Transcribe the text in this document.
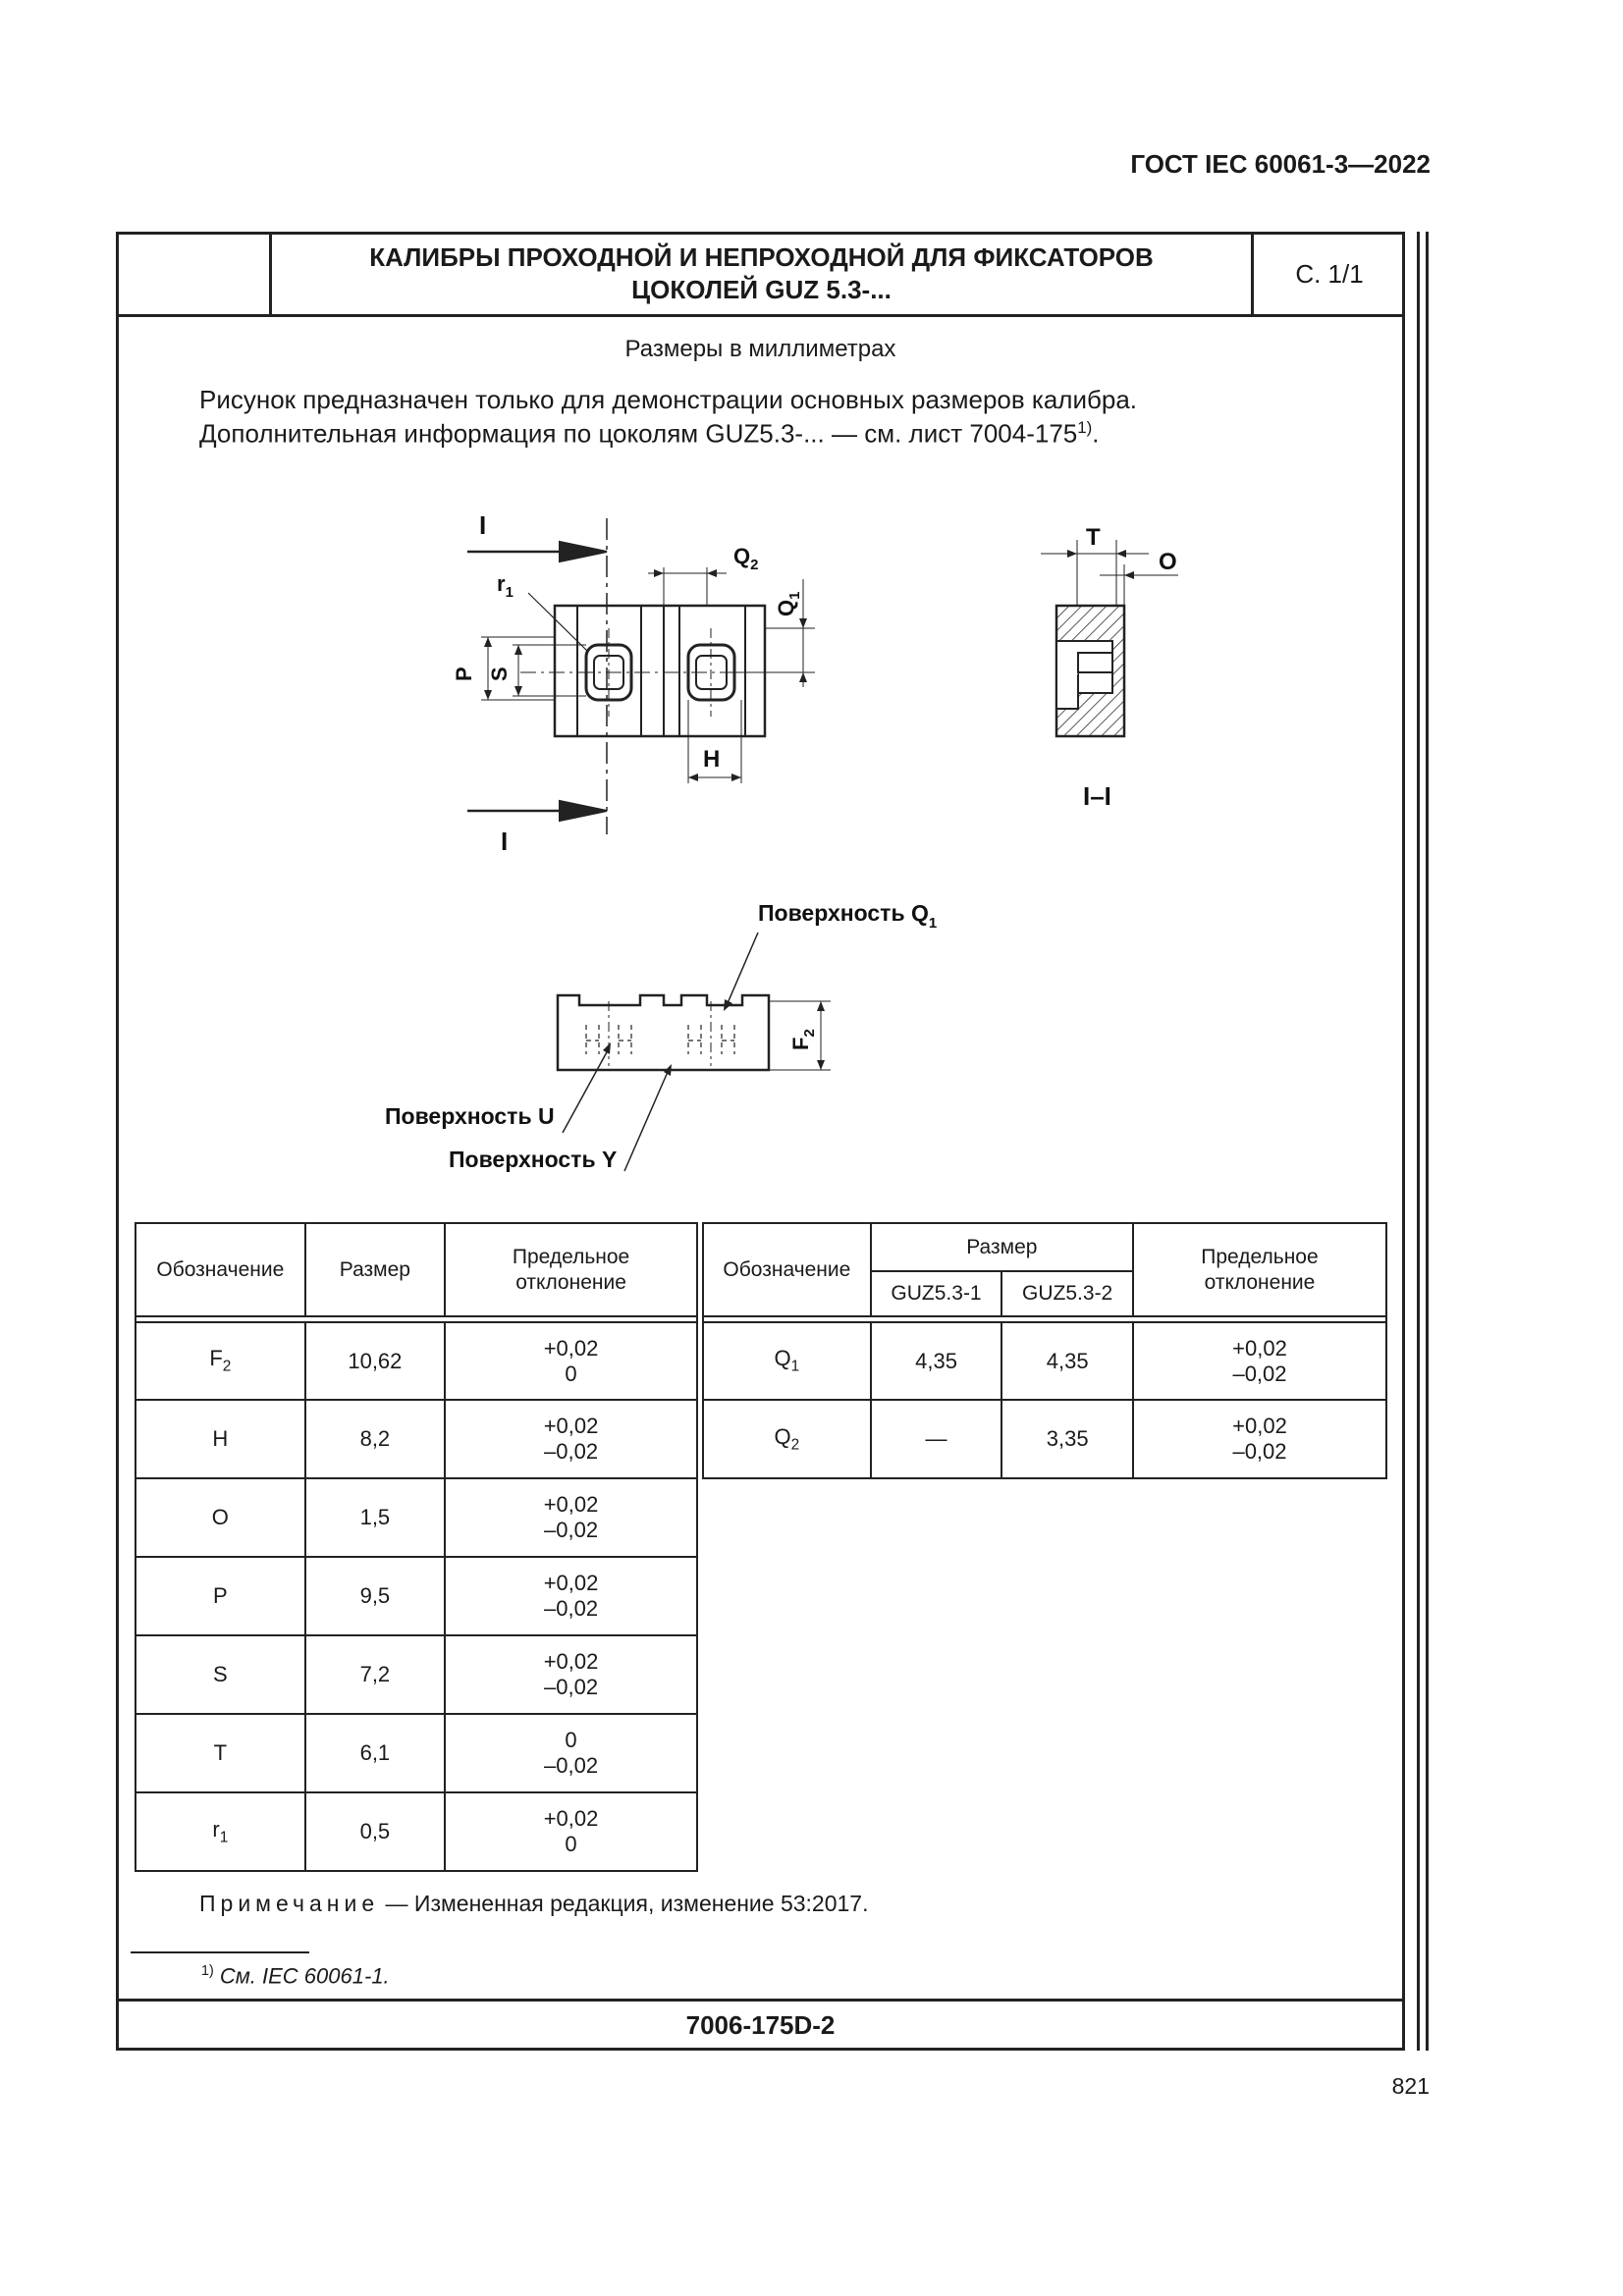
ГОСТ IEC 60061-3—2022
КАЛИБРЫ ПРОХОДНОЙ И НЕПРОХОДНОЙ ДЛЯ ФИКСАТОРОВ
ЦОКОЛЕЙ GUZ 5.3-...
С. 1/1
Размеры в миллиметрах
Рисунок предназначен только для демонстрации основных размеров калибра.
Дополнительная информация по цоколям GUZ5.3-... — см. лист 7004-175$^{1)}$.
I
I
I–I
$r_1$
$Q_2$
$Q_1$
P S
H
T
O
$F_2$
Поверхность $Q_1$
Поверхность U
Поверхность Y
Обозначение	Размер	Предельное
отклонение

$F_2$	10,62	+0,02
0

H	8,2	+0,02
–0,02

O	1,5	+0,02
–0,02

P	9,5	+0,02
–0,02

S	7,2	+0,02
–0,02

T	6,1	0
–0,02

$r_1$	0,5	+0,02
0
Обозначение	Размер		Предельное
отклонение

	GUZ5.3-1	GUZ5.3-2	

$Q_1$	4,35	4,35	+0,02
–0,02

$Q_2$	—	3,35	+0,02
–0,02
Примечание — Измененная редакция, изменение 53:2017.
$^{1)}$ См. IEC 60061-1.
7006-175D-2
821
